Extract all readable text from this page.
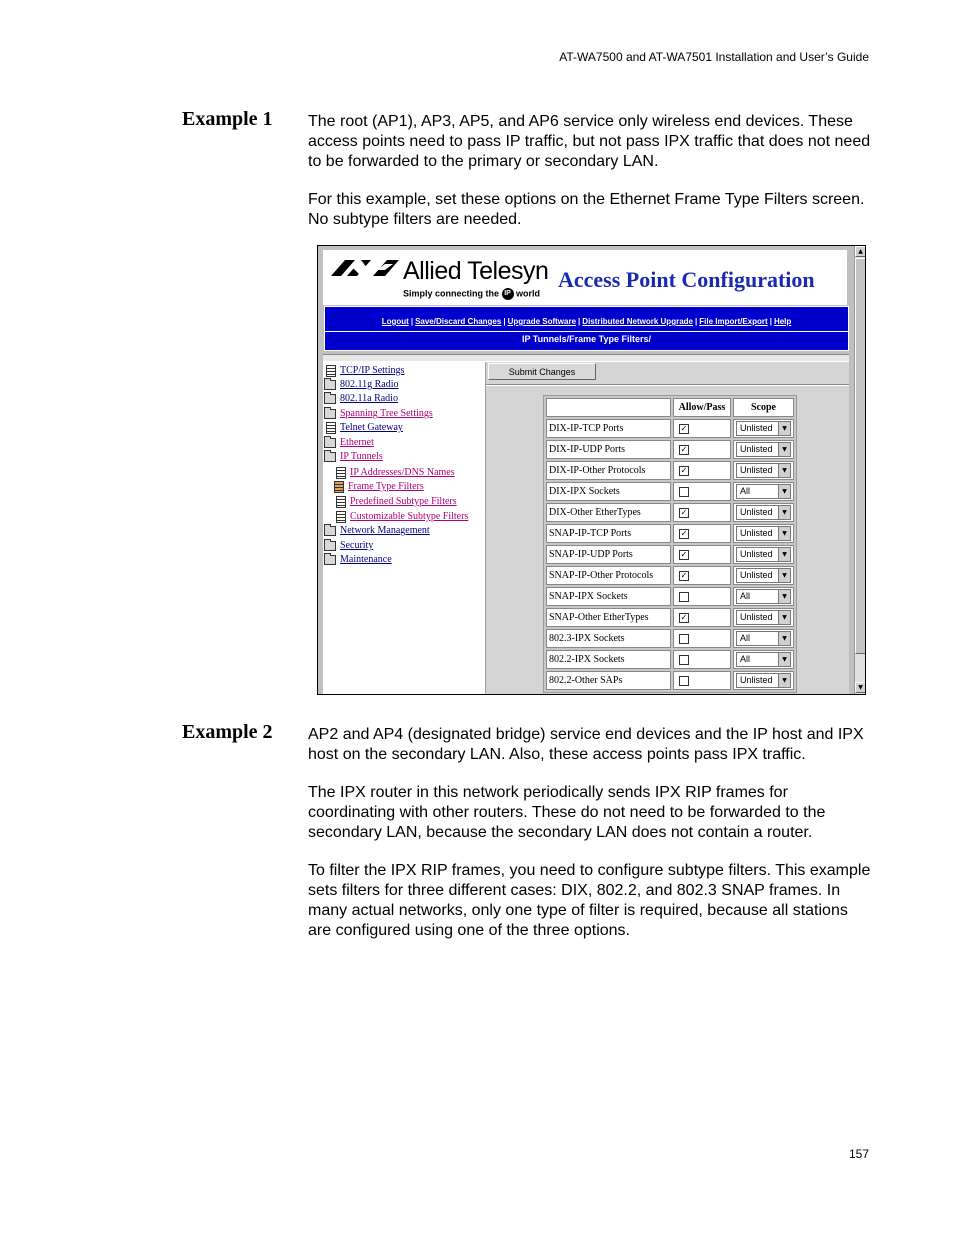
AT-WA7500 and AT-WA7501 Installation and User’s Guide
Example 1 The root (AP1), AP3, AP5, and AP6 service only wireless end devices. These access points need to pass IP traffic, but not pass IPX traffic that does not need to be forwarded to the primary or secondary LAN.

For this example, set these options on the Ethernet Frame Type Filters screen. No subtype filters are needed.

Allied Telesyn
Simply connecting the IP world
Access Point Configuration
Logout | Save/Discard Changes | Upgrade Software | Distributed Network Upgrade | File Import/Export | Help
IP Tunnels/Frame Type Filters/
TCP/IP Settings
802.11g Radio
802.11a Radio
Spanning Tree Settings
Telnet Gateway
Ethernet
IP Tunnels
IP Addresses/DNS Names
Frame Type Filters
Predefined Subtype Filters
Customizable Subtype Filters
Network Management
Security
Maintenance
Submit Changes
	Allow/Pass	Scope
DIX-IP-TCP Ports	✓	Unlisted ▼

DIX-IP-UDP Ports	✓	Unlisted ▼

DIX-IP-Other Protocols	✓	Unlisted ▼

DIX-IPX Sockets		All ▼

DIX-Other EtherTypes	✓	Unlisted ▼

SNAP-IP-TCP Ports	✓	Unlisted ▼

SNAP-IP-UDP Ports	✓	Unlisted ▼

SNAP-IP-Other Protocols	✓	Unlisted ▼

SNAP-IPX Sockets		All ▼

SNAP-Other EtherTypes	✓	Unlisted ▼

802.3-IPX Sockets		All ▼

802.2-IPX Sockets		All ▼

802.2-Other SAPs		Unlisted ▼
▲
▼
Example 2 AP2 and AP4 (designated bridge) service end devices and the IP host and IPX host on the secondary LAN. Also, these access points pass IPX traffic.

The IPX router in this network periodically sends IPX RIP frames for coordinating with other routers. These do not need to be forwarded to the secondary LAN, because the secondary LAN does not contain a router.

To filter the IPX RIP frames, you need to configure subtype filters. This example sets filters for three different cases: DIX, 802.2, and 802.3 SNAP frames. In many actual networks, only one type of filter is required, because all stations are configured using one of the three options.

157
